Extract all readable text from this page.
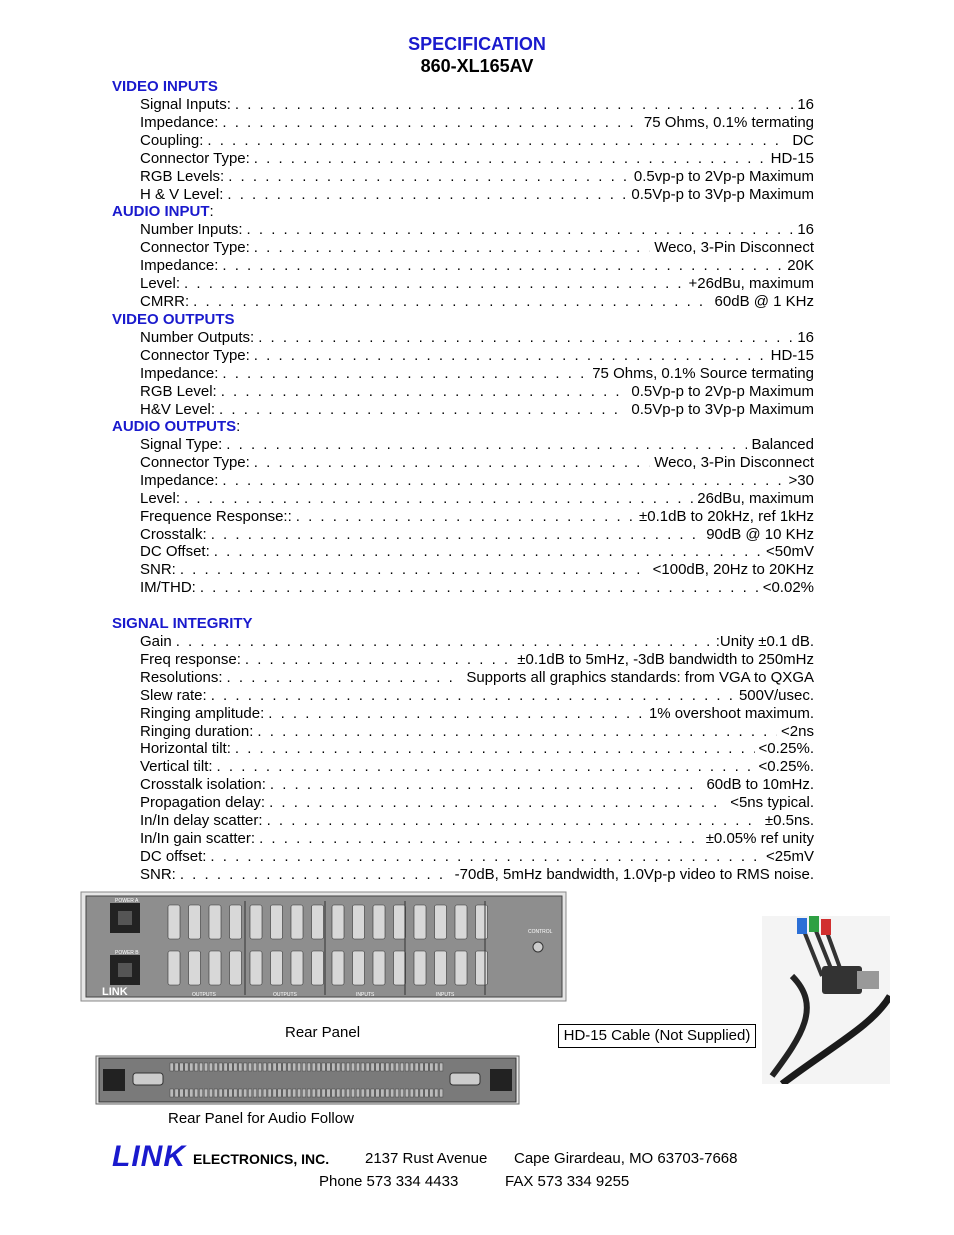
SPECIFICATION
860-XL165AV
VIDEO INPUTS
Signal Inputs: . . .	16
Impedance: . . .	75 Ohms, 0.1% termating
Coupling: . . .	DC
Connector Type: . . .	HD-15
RGB Levels: . . .	0.5vp-p to 2Vp-p Maximum
H & V Level: . . .	0.5Vp-p to 3Vp-p Maximum
AUDIO INPUT:
Number Inputs: . . .	16
Connector Type: . . .	Weco, 3-Pin Disconnect
Impedance: . . .	20K
Level: . . .	+26dBu, maximum
CMRR: . . .	60dB @ 1 KHz
VIDEO OUTPUTS
Number Outputs: . . .	16
Connector Type: . . .	HD-15
Impedance: . . .	75 Ohms, 0.1% Source termating
RGB Level: . . .	0.5Vp-p to 2Vp-p Maximum
H&V Level: . . .	0.5Vp-p to 3Vp-p Maximum
AUDIO OUTPUTS:
Signal Type: . . .	Balanced
Connector Type: . . .	Weco, 3-Pin Disconnect
Impedance: . . .	>30
Level: . . .	26dBu, maximum
Frequence Response:: . . .	±0.1dB to 20kHz, ref 1kHz
Crosstalk: . . .	90dB @ 10 KHz
DC Offset: . . .	<50mV
SNR: . . .	<100dB, 20Hz to 20KHz
IM/THD: . . .	<0.02%
SIGNAL INTEGRITY
Gain . . .	:Unity ±0.1 dB.
Freq response: . . .	±0.1dB to 5mHz, -3dB bandwidth to 250mHz
Resolutions: . . .	Supports all graphics standards: from VGA to QXGA
Slew rate: . . .	500V/usec.
Ringing amplitude: . . .	1% overshoot maximum.
Ringing duration: . . .	<2ns
Horizontal tilt: . . .	<0.25%.
Vertical tilt: . . .	<0.25%.
Crosstalk isolation: . . .	60dB to 10mHz.
Propagation delay: . . .	<5ns typical.
In/In delay scatter: . . .	±0.5ns.
In/In gain scatter: . . .	±0.05% ref unity
DC offset: . . .	<25mV
SNR: . . .	-70dB, 5mHz bandwidth, 1.0Vp-p video to RMS noise.
POWER A
POWER B
LINK	OUTPUTS	OUTPUTS	INPUTS	INPUTS
CONTROL
Rear Panel
Rear Panel for Audio Follow
HD-15 Cable (Not Supplied)
LINK ELECTRONICS, INC. 2137 Rust Avenue Cape Girardeau, MO 63703-7668
Phone 573 334 4433	FAX 573 334 9255
